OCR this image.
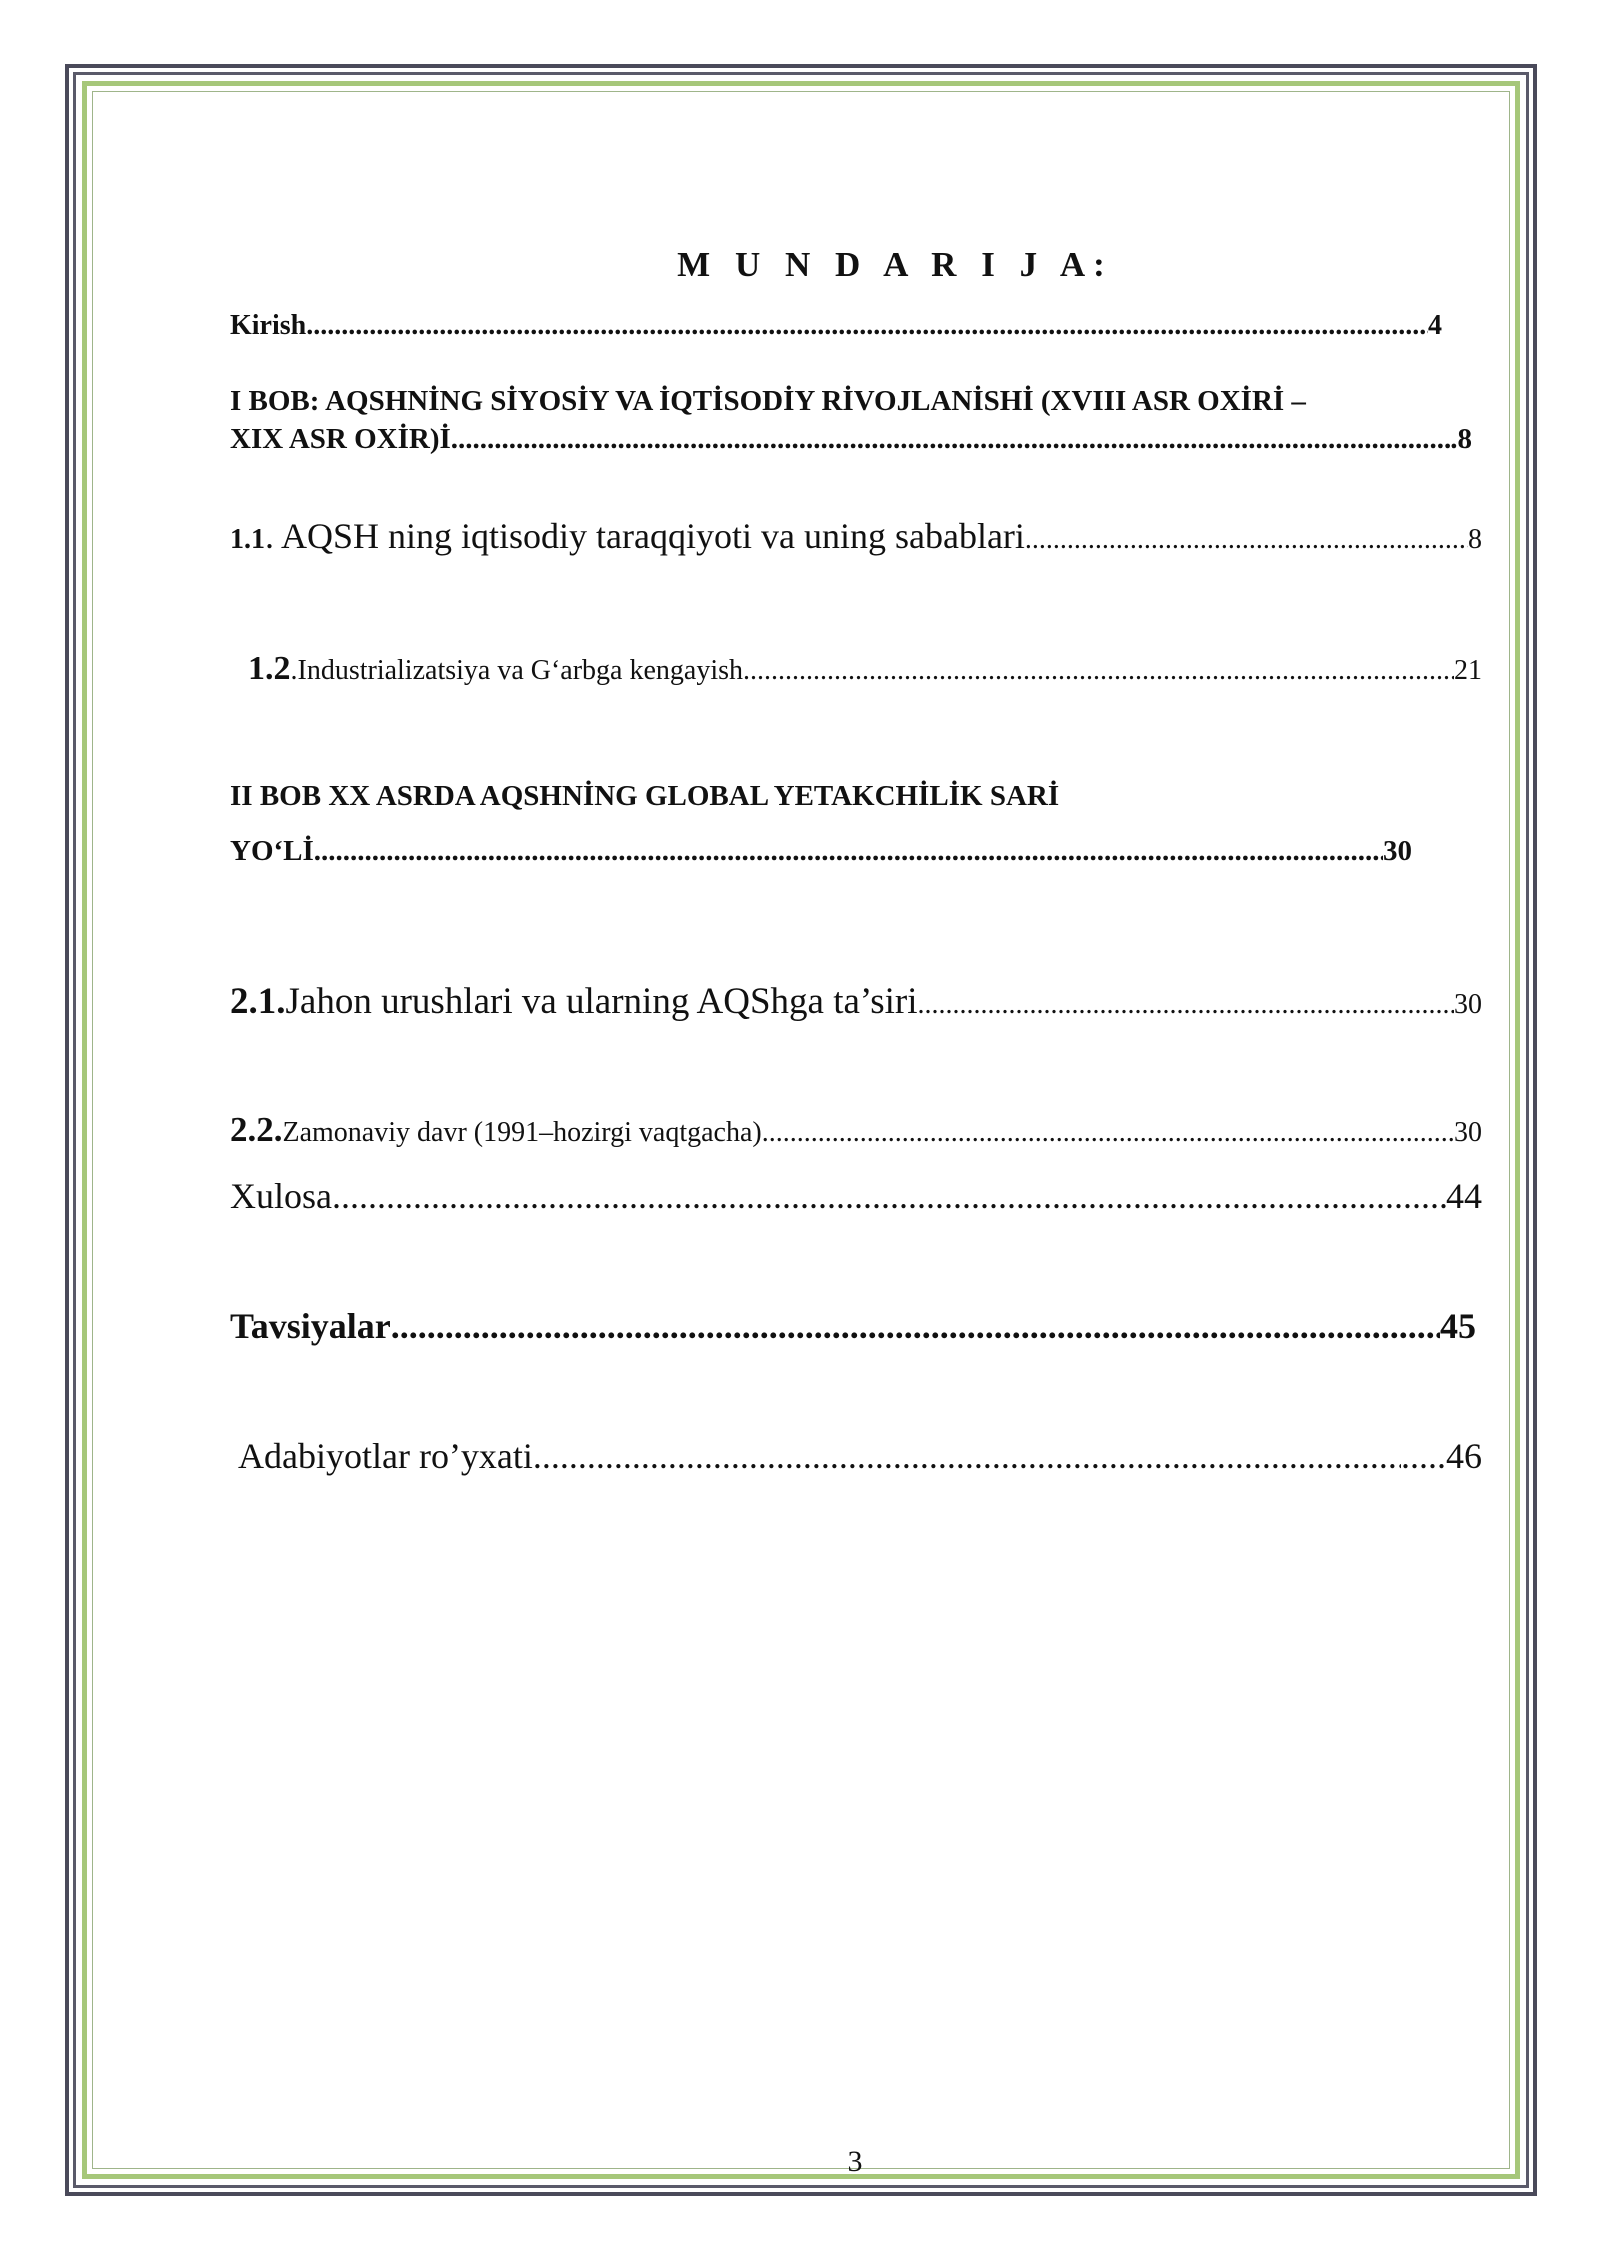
M U N D A R I J A:
Kirish .....	4
I BOB: AQSHNİNG SİYOSİY VA İQTİSODİY RİVOJLANİSHİ (XVIII ASR OXİRİ –
XIX ASR OXİR)İ .....	.8
1.1 . AQSH ning iqtisodiy taraqqiyoti va uning sabablari .....	8
1.2 .Industrializatsiya va G‘arbga kengayish .....	21
II BOB XX ASRDA AQSHNİNG GLOBAL YETAKCHİLİK SARİ
YO‘Lİ .....	30
2.1. Jahon urushlari va ularning AQShga ta’siri .....	30
2.2. Zamonaviy davr (1991–hozirgi vaqtgacha) .....	30
Xulosa .....	44
Tavsiyalar .....	45
Adabiyotlar ro’yxati .....	.....46
3
